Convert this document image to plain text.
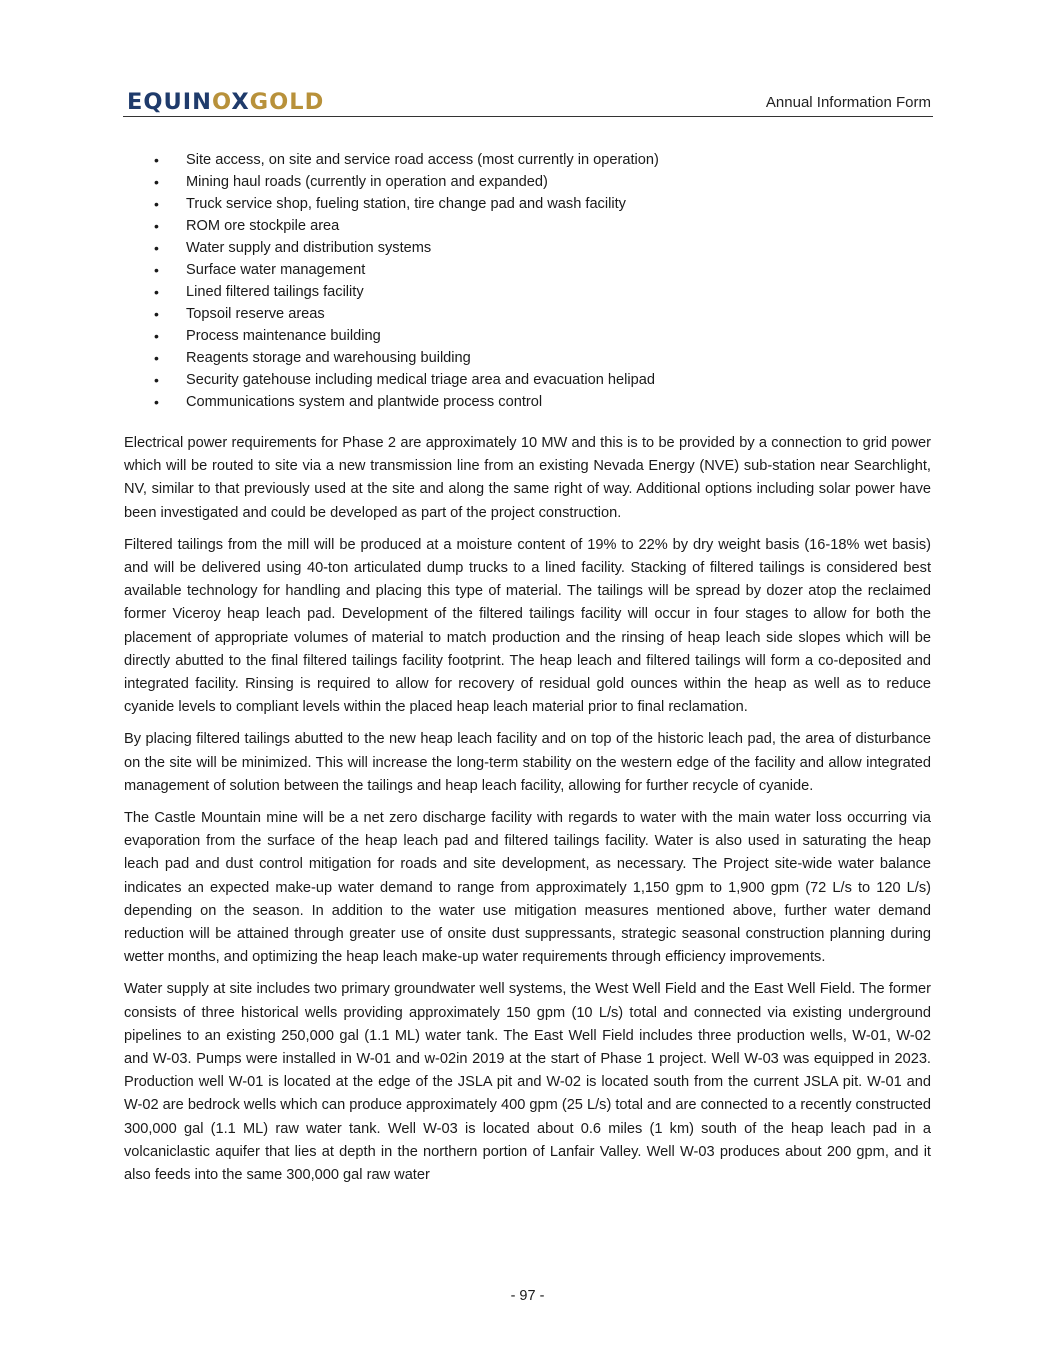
EQUINOXGOLD	Annual Information Form
• Site access, on site and service road access (most currently in operation)
• Mining haul roads (currently in operation and expanded)
• Truck service shop, fueling station, tire change pad and wash facility
• ROM ore stockpile area
• Water supply and distribution systems
• Surface water management
• Lined filtered tailings facility
• Topsoil reserve areas
• Process maintenance building
• Reagents storage and warehousing building
• Security gatehouse including medical triage area and evacuation helipad
• Communications system and plantwide process control

Electrical power requirements for Phase 2 are approximately 10 MW and this is to be provided by a connection to grid power which will be routed to site via a new transmission line from an existing Nevada Energy (NVE) sub-station near Searchlight, NV, similar to that previously used at the site and along the same right of way. Additional options including solar power have been investigated and could be developed as part of the project construction.

Filtered tailings from the mill will be produced at a moisture content of 19% to 22% by dry weight basis (16-18% wet basis) and will be delivered using 40-ton articulated dump trucks to a lined facility. Stacking of filtered tailings is considered best available technology for handling and placing this type of material. The tailings will be spread by dozer atop the reclaimed former Viceroy heap leach pad. Development of the filtered tailings facility will occur in four stages to allow for both the placement of appropriate volumes of material to match production and the rinsing of heap leach side slopes which will be directly abutted to the final filtered tailings facility footprint. The heap leach and filtered tailings will form a co-deposited and integrated facility. Rinsing is required to allow for recovery of residual gold ounces within the heap as well as to reduce cyanide levels to compliant levels within the placed heap leach material prior to final reclamation.

By placing filtered tailings abutted to the new heap leach facility and on top of the historic leach pad, the area of disturbance on the site will be minimized. This will increase the long-term stability on the western edge of the facility and allow integrated management of solution between the tailings and heap leach facility, allowing for further recycle of cyanide.

The Castle Mountain mine will be a net zero discharge facility with regards to water with the main water loss occurring via evaporation from the surface of the heap leach pad and filtered tailings facility. Water is also used in saturating the heap leach pad and dust control mitigation for roads and site development, as necessary. The Project site-wide water balance indicates an expected make-up water demand to range from approximately 1,150 gpm to 1,900 gpm (72 L/s to 120 L/s) depending on the season. In addition to the water use mitigation measures mentioned above, further water demand reduction will be attained through greater use of onsite dust suppressants, strategic seasonal construction planning during wetter months, and optimizing the heap leach make-up water requirements through efficiency improvements.

Water supply at site includes two primary groundwater well systems, the West Well Field and the East Well Field. The former consists of three historical wells providing approximately 150 gpm (10 L/s) total and connected via existing underground pipelines to an existing 250,000 gal (1.1 ML) water tank. The East Well Field includes three production wells, W-01, W-02 and W-03. Pumps were installed in W-01 and w-02in 2019 at the start of Phase 1 project. Well W-03 was equipped in 2023. Production well W-01 is located at the edge of the JSLA pit and W-02 is located south from the current JSLA pit. W-01 and W-02 are bedrock wells which can produce approximately 400 gpm (25 L/s) total and are connected to a recently constructed 300,000 gal (1.1 ML) raw water tank. Well W-03 is located about 0.6 miles (1 km) south of the heap leach pad in a volcaniclastic aquifer that lies at depth in the northern portion of Lanfair Valley. Well W-03 produces about 200 gpm, and it also feeds into the same 300,000 gal raw water

- 97 -
